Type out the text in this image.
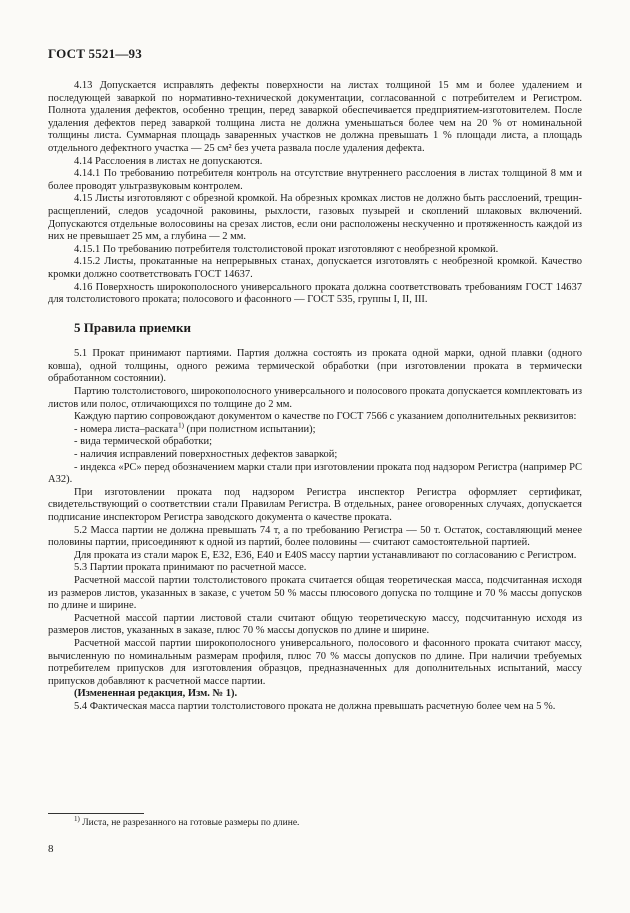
ГОСТ 5521—93

4.13 Допускается исправлять дефекты поверхности на листах толщиной 15 мм и более удалением и последующей заваркой по нормативно-технической документации, согласованной с потребителем и Регистром. Полнота удаления дефектов, особенно трещин, перед заваркой обеспечивается предприятием-изготовителем. После удаления дефектов перед заваркой толщина листа не должна уменьшаться более чем на 20 % от номинальной толщины листа. Суммарная площадь заваренных участков не должна превышать 1 % площади листа, а площадь отдельного дефектного участка — 25 см² без учета развала после удаления дефекта.

4.14 Расслоения в листах не допускаются.

4.14.1 По требованию потребителя контроль на отсутствие внутреннего расслоения в листах толщиной 8 мм и более проводят ультразвуковым контролем.

4.15 Листы изготовляют с обрезной кромкой. На обрезных кромках листов не должно быть расслоений, трещин-расщеплений, следов усадочной раковины, рыхлости, газовых пузырей и скоплений шлаковых включений. Допускаются отдельные волосовины на срезах листов, если они расположены нескученно и протяженность каждой из них не превышает 25 мм, а глубина — 2 мм.

4.15.1 По требованию потребителя толстолистовой прокат изготовляют с необрезной кромкой.

4.15.2 Листы, прокатанные на непрерывных станах, допускается изготовлять с необрезной кромкой. Качество кромки должно соответствовать ГОСТ 14637.

4.16 Поверхность широкополосного универсального проката должна соответствовать требованиям ГОСТ 14637 для толстолистового проката; полосового и фасонного — ГОСТ 535, группы I, II, III.

5 Правила приемки

5.1 Прокат принимают партиями. Партия должна состоять из проката одной марки, одной плавки (одного ковша), одной толщины, одного режима термической обработки (при изготовлении проката в термически обработанном состоянии).

Партию толстолистового, широкополосного универсального и полосового проката допускается комплектовать из листов или полос, отличающихся по толщине до 2 мм.

Каждую партию сопровождают документом о качестве по ГОСТ 7566 с указанием дополнительных реквизитов:

- номера листа–раската$^{1)}$ (при полистном испытании);

- вида термической обработки;

- наличия исправлений поверхностных дефектов заваркой;

- индекса «PC» перед обозначением марки стали при изготовлении проката под надзором Регистра (например PC A32).

При изготовлении проката под надзором Регистра инспектор Регистра оформляет сертификат, свидетельствующий о соответствии стали Правилам Регистра. В отдельных, ранее оговоренных случаях, допускается подписание инспектором Регистра заводского документа о качестве проката.

5.2 Масса партии не должна превышать 74 т, а по требованию Регистра — 50 т. Остаток, составляющий менее половины партии, присоединяют к одной из партий, более половины — считают самостоятельной партией.

Для проката из стали марок E, E32, E36, E40 и E40S массу партии устанавливают по согласованию с Регистром.

5.3 Партии проката принимают по расчетной массе.

Расчетной массой партии толстолистового проката считается общая теоретическая масса, подсчитанная исходя из размеров листов, указанных в заказе, с учетом 50 % массы плюсового допуска по толщине и 70 % массы допусков по длине и ширине.

Расчетной массой партии листовой стали считают общую теоретическую массу, подсчитанную исходя из размеров листов, указанных в заказе, плюс 70 % массы допусков по длине и ширине.

Расчетной массой партии широкополосного универсального, полосового и фасонного проката считают массу, вычисленную по номинальным размерам профиля, плюс 70 % массы допусков по длине. При наличии требуемых потребителем припусков для изготовления образцов, предназначенных для дополнительных испытаний, массу припусков добавляют к расчетной массе партии.

(Измененная редакция, Изм. № 1).

5.4 Фактическая масса партии толстолистового проката не должна превышать расчетную более чем на 5 %.

$^{1)}$ Листа, не разрезанного на готовые размеры по длине.
8
